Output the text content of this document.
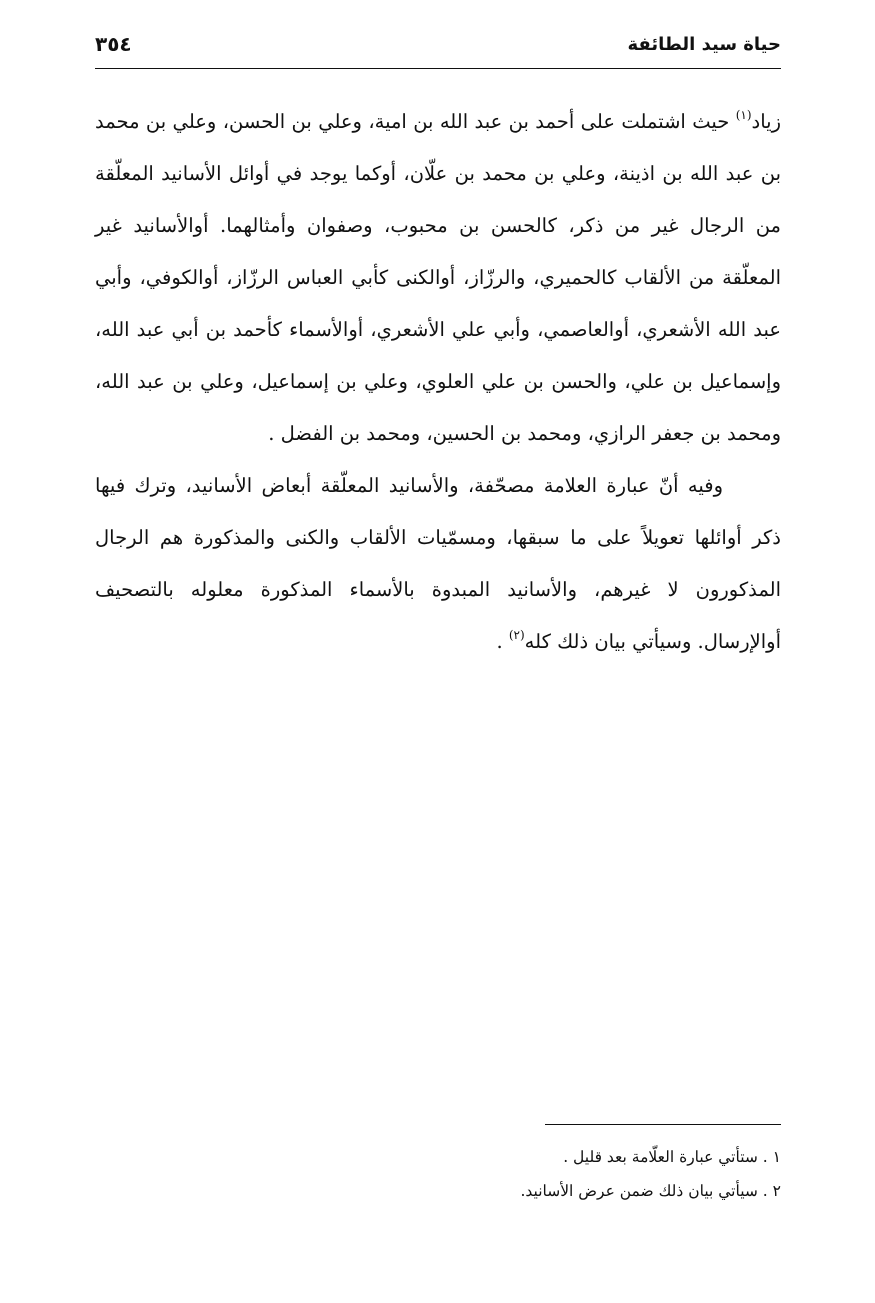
حياة سيد الطائفة
٣٥٤

زياد$^{(١)}$ حيث اشتملت على أحمد بن عبد الله بن امية، وعلي بن الحسن، وعلي بن محمد بن عبد الله بن اذينة، وعلي بن محمد بن علّان، أوكما يوجد في أوائل الأسانيد المعلّقة من الرجال غير من ذكر، كالحسن بن محبوب، وصفوان وأمثالهما. أوالأسانيد غير المعلّقة من الألقاب كالحميري، والرزّاز، أوالكنى كأبي العباس الرزّاز، أوالكوفي، وأبي عبد الله الأشعري، أوالعاصمي، وأبي علي الأشعري، أوالأسماء كأحمد بن أبي عبد الله، وإسماعيل بن علي، والحسن بن علي العلوي، وعلي بن إسماعيل، وعلي بن عبد الله، ومحمد بن جعفر الرازي، ومحمد بن الحسين، ومحمد بن الفضل .

وفيه أنّ عبارة العلامة مصحّفة، والأسانيد المعلّقة أبعاض الأسانيد، وترك فيها ذكر أوائلها تعويلاً على ما سبقها، ومسمّيات الألقاب والكنى والمذكورة هم الرجال المذكورون لا غيرهم، والأسانيد المبدوة بالأسماء المذكورة معلوله بالتصحيف أوالإرسال. وسيأتي بيان ذلك كله$^{(٢)}$ .

١ . ستأتي عبارة العلّامة بعد قليل .

٢ . سيأتي بيان ذلك ضمن عرض الأسانيد.
